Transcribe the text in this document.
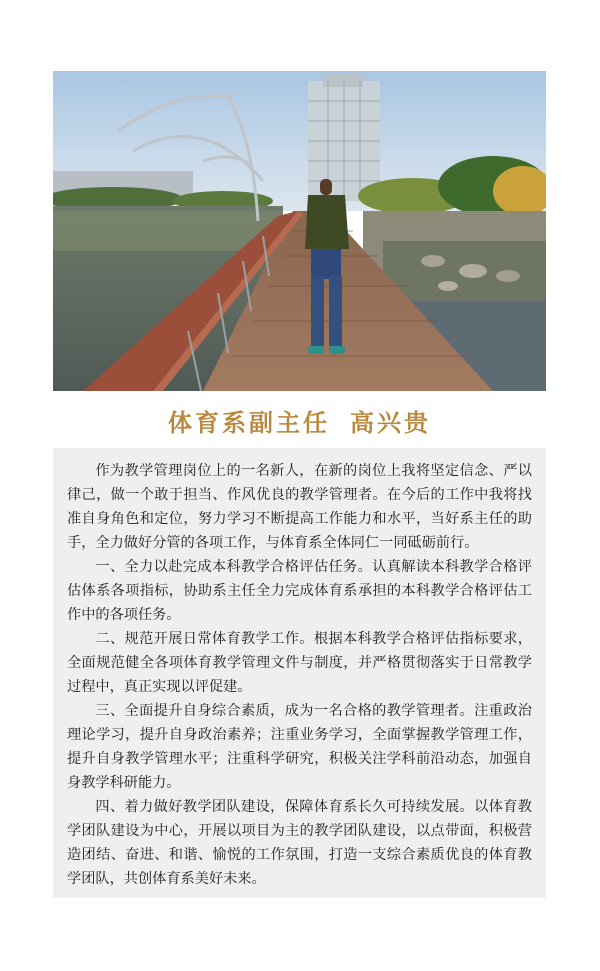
体育系副主任 高兴贵

作为教学管理岗位上的一名新人，在新的岗位上我将坚定信念、严以律己，做一个敢于担当、作风优良的教学管理者。在今后的工作中我将找准自身角色和定位，努力学习不断提高工作能力和水平，当好系主任的助手，全力做好分管的各项工作，与体育系全体同仁一同砥砺前行。

一、全力以赴完成本科教学合格评估任务。认真解读本科教学合格评估体系各项指标，协助系主任全力完成体育系承担的本科教学合格评估工作中的各项任务。

二、规范开展日常体育教学工作。根据本科教学合格评估指标要求，全面规范健全各项体育教学管理文件与制度，并严格贯彻落实于日常教学过程中，真正实现以评促建。

三、全面提升自身综合素质，成为一名合格的教学管理者。注重政治理论学习，提升自身政治素养；注重业务学习，全面掌握教学管理工作，提升自身教学管理水平；注重科学研究，积极关注学科前沿动态，加强自身教学科研能力。

四、着力做好教学团队建设，保障体育系长久可持续发展。以体育教学团队建设为中心，开展以项目为主的教学团队建设，以点带面，积极营造团结、奋进、和谐、愉悦的工作氛围，打造一支综合素质优良的体育教学团队，共创体育系美好未来。
